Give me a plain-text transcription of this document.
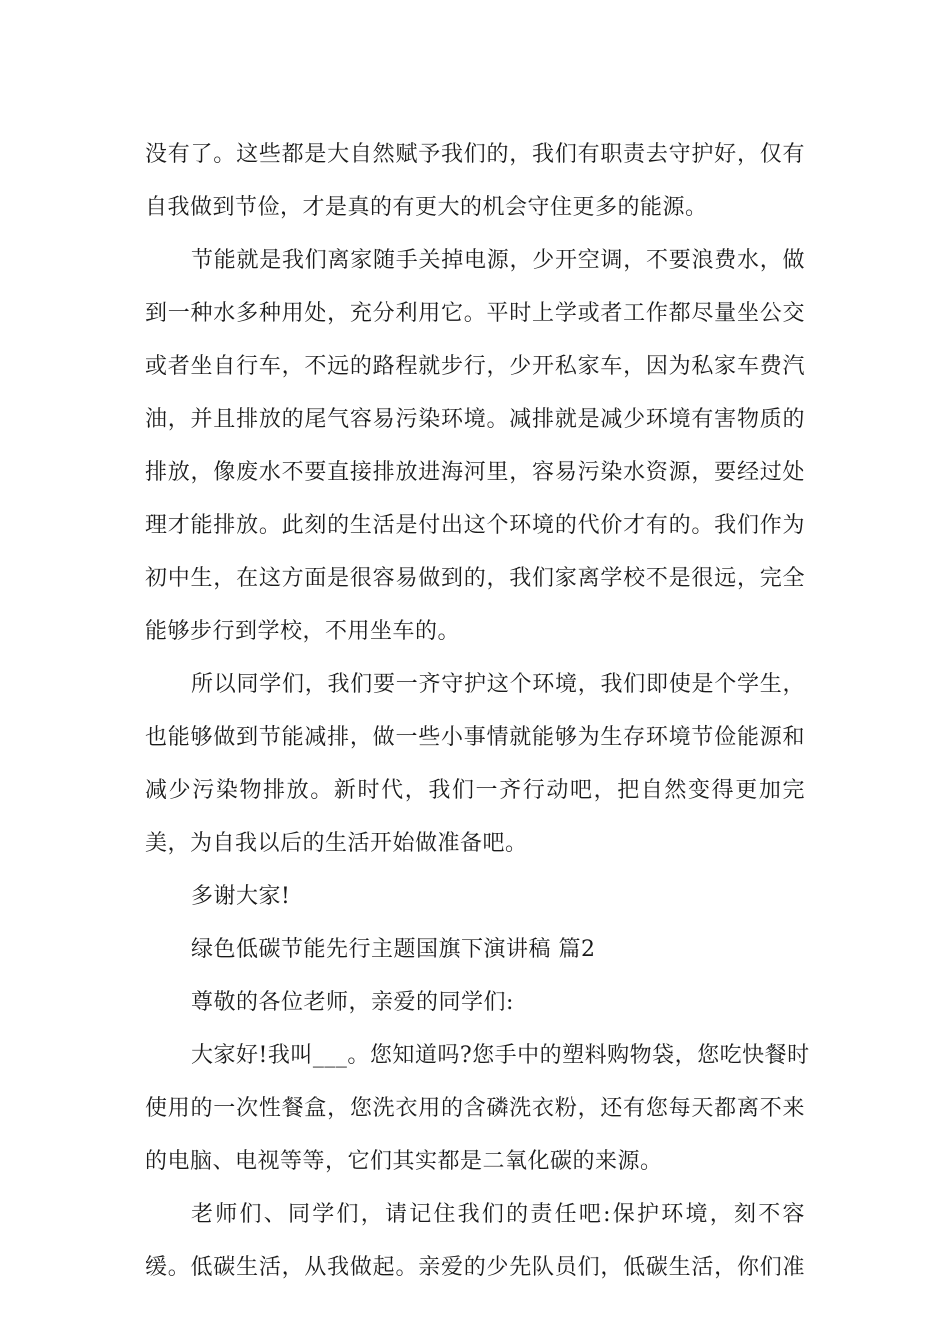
没有了。这些都是大自然赋予我们的，我们有职责去守护好，仅有
自我做到节俭，才是真的有更大的机会守住更多的能源。
节能就是我们离家随手关掉电源，少开空调，不要浪费水，做
到一种水多种用处，充分利用它。平时上学或者工作都尽量坐公交
或者坐自行车，不远的路程就步行，少开私家车，因为私家车费汽
油，并且排放的尾气容易污染环境。减排就是减少环境有害物质的
排放，像废水不要直接排放进海河里，容易污染水资源，要经过处
理才能排放。此刻的生活是付出这个环境的代价才有的。我们作为
初中生，在这方面是很容易做到的，我们家离学校不是很远，完全
能够步行到学校，不用坐车的。
所以同学们，我们要一齐守护这个环境，我们即使是个学生，
也能够做到节能减排，做一些小事情就能够为生存环境节俭能源和
减少污染物排放。新时代，我们一齐行动吧，把自然变得更加完
美，为自我以后的生活开始做准备吧。
多谢大家!
绿色低碳节能先行主题国旗下演讲稿 篇2
尊敬的各位老师，亲爱的同学们:
大家好!我叫___。您知道吗?您手中的塑料购物袋，您吃快餐时
使用的一次性餐盒，您洗衣用的含磷洗衣粉，还有您每天都离不来
的电脑、电视等等，它们其实都是二氧化碳的来源。
老师们、同学们，请记住我们的责任吧:保护环境，刻不容
缓。低碳生活，从我做起。亲爱的少先队员们，低碳生活，你们准
